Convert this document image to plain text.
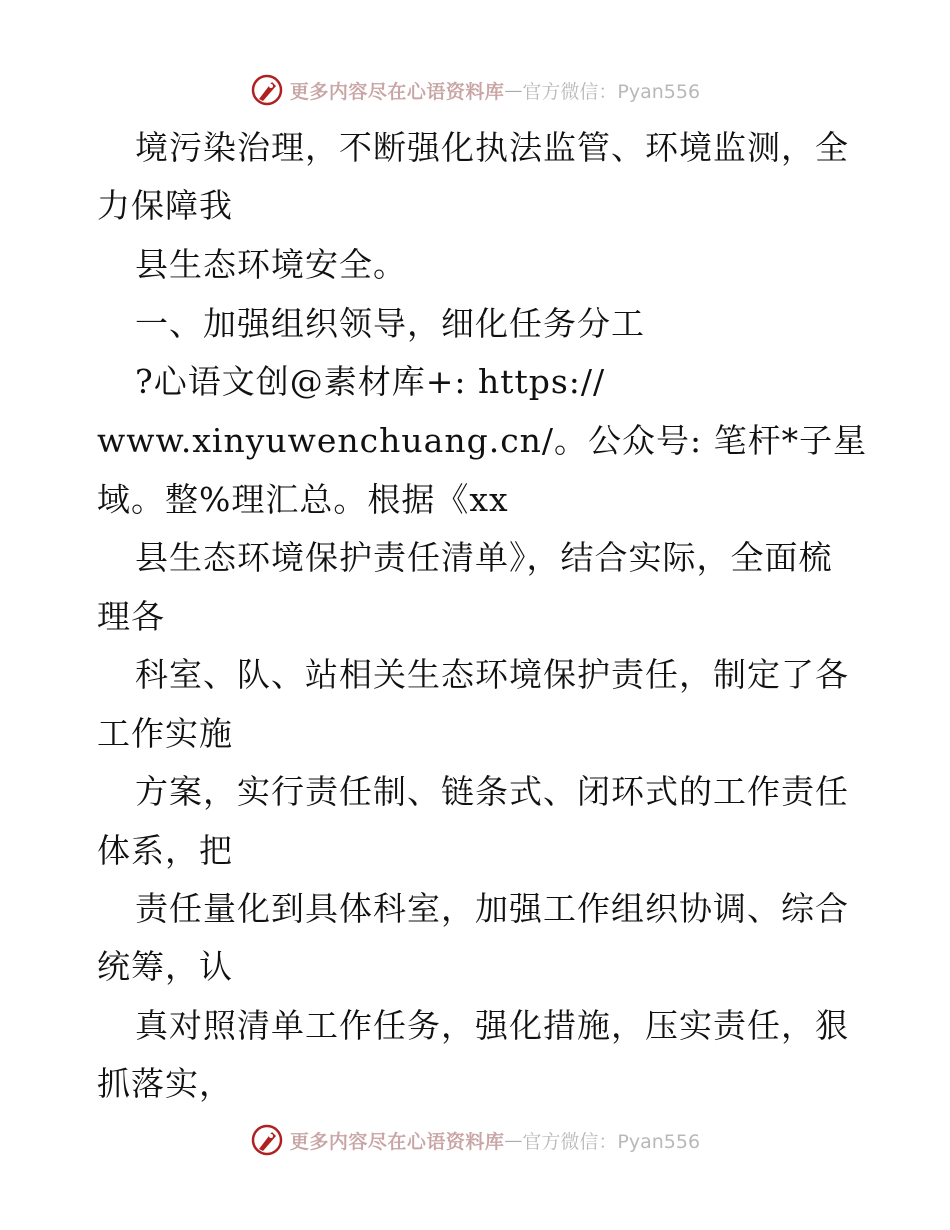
更多内容尽在心语资料库 — 官方微信：Pyan556
境污染治理，不断强化执法监管、环境监测，全
力保障我
县生态环境安全。
一、加强组织领导，细化任务分工
?心语文创@素材库+: https://
www.xinyuwenchuang.cn/。公众号: 笔杆*子星
域。整%理汇总。根据《xx
县生态环境保护责任清单》，结合实际，全面梳
理各
科室、队、站相关生态环境保护责任，制定了各
工作实施
方案，实行责任制、链条式、闭环式的工作责任
体系，把
责任量化到具体科室，加强工作组织协调、综合
统筹，认
真对照清单工作任务，强化措施，压实责任，狠
抓落实，
更多内容尽在心语资料库 — 官方微信：Pyan556
